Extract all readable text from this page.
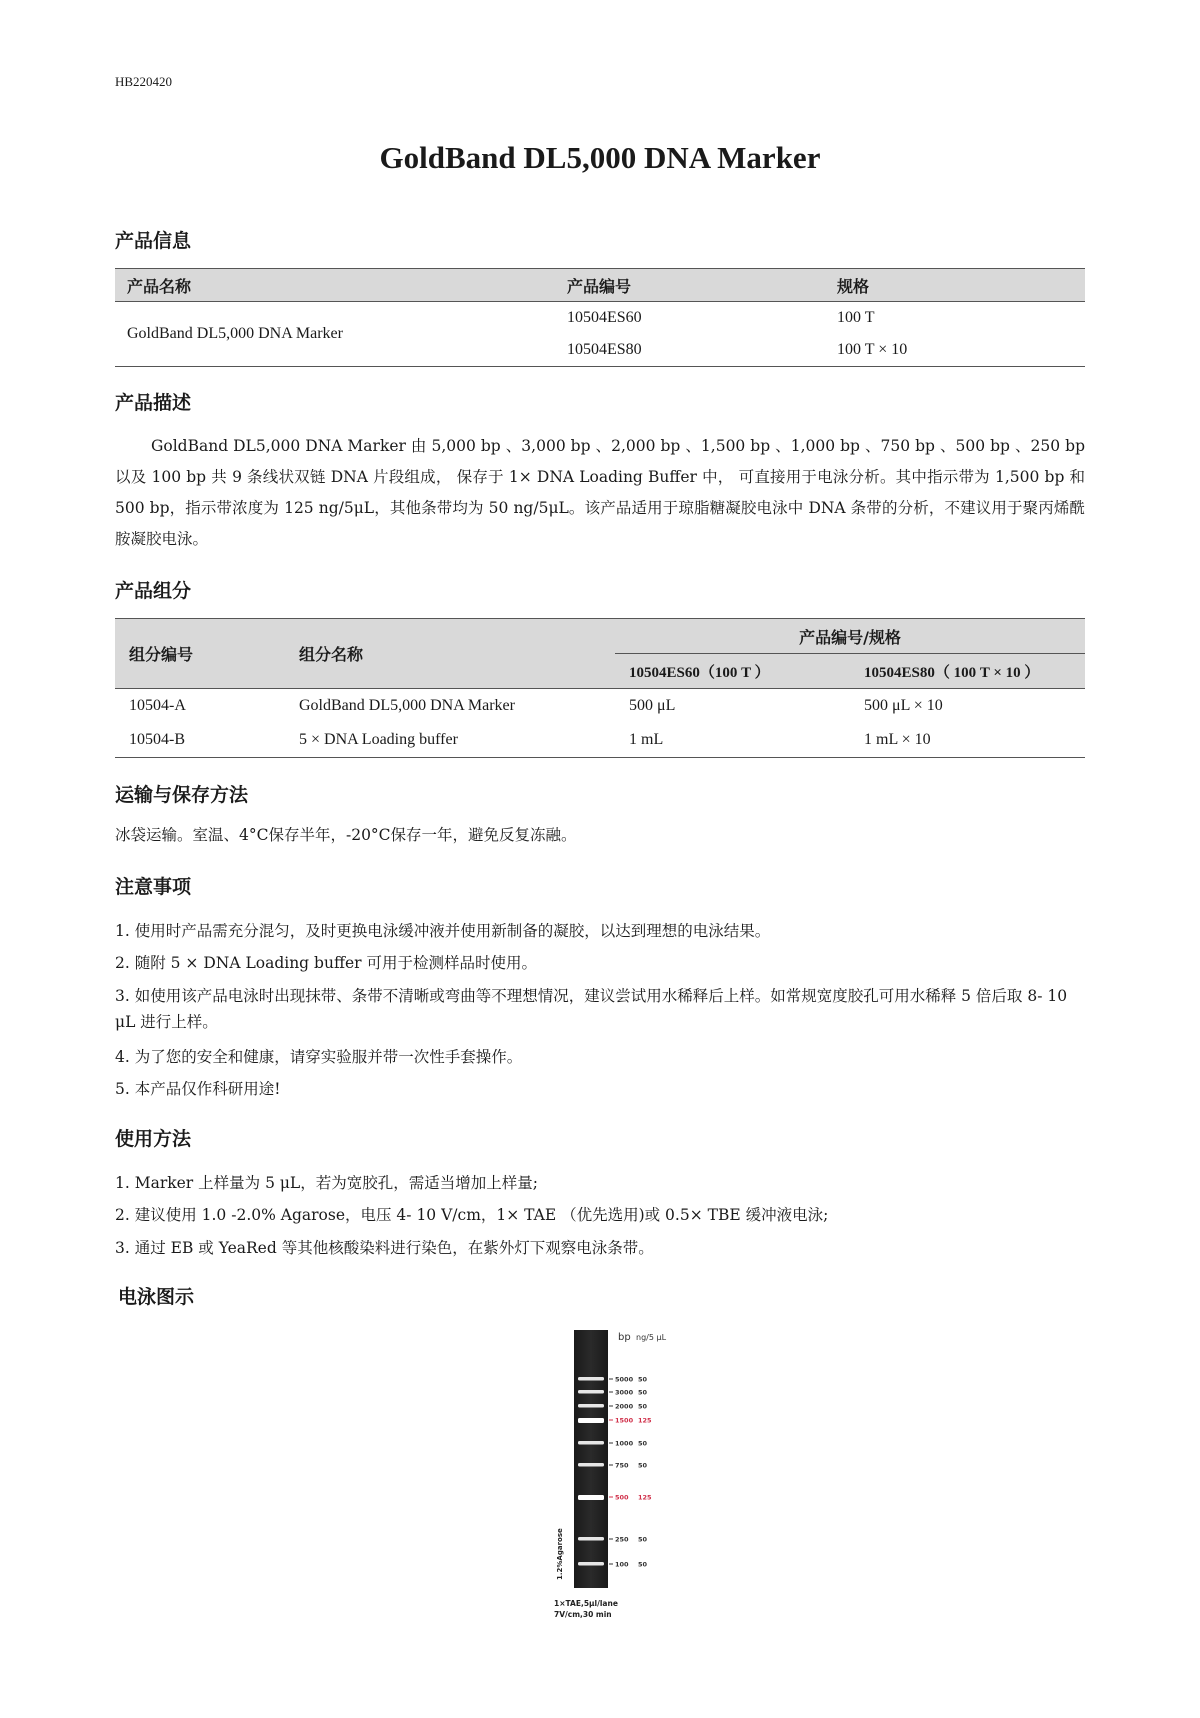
HB220420
GoldBand DL5,000 DNA Marker
产品信息
产品名称	产品编号	规格
GoldBand DL5,000 DNA Marker	10504ES60	100 T
	10504ES80	100 T × 10
产品描述
GoldBand DL5,000 DNA Marker 由 5,000 bp 、3,000 bp 、2,000 bp 、1,500 bp 、1,000 bp 、750 bp 、500 bp 、250 bp 以及 100 bp 共 9 条线状双链 DNA 片段组成， 保存于 1× DNA Loading Buffer 中， 可直接用于电泳分析。其中指示带为 1,500 bp 和 500 bp，指示带浓度为 125 ng/5μL，其他条带均为 50 ng/5μL。该产品适用于琼脂糖凝胶电泳中 DNA 条带的分析，不建议用于聚丙烯酰胺凝胶电泳。
产品组分
组分编号	组分名称	产品编号/规格	
		10504ES60（100 T ）	10504ES80（ 100 T × 10 ）
10504-A	GoldBand DL5,000 DNA Marker	500 μL	500 μL × 10
10504-B	5 × DNA Loading buffer	1 mL	1 mL × 10
运输与保存方法
冰袋运输。室温、4°C保存半年，-20°C保存一年，避免反复冻融。
注意事项
1. 使用时产品需充分混匀，及时更换电泳缓冲液并使用新制备的凝胶，以达到理想的电泳结果。
2. 随附 5 × DNA Loading buffer 可用于检测样品时使用。
3. 如使用该产品电泳时出现抹带、条带不清晰或弯曲等不理想情况，建议尝试用水稀释后上样。如常规宽度胶孔可用水稀释 5 倍后取 8- 10 μL 进行上样。
4. 为了您的安全和健康，请穿实验服并带一次性手套操作。
5. 本产品仅作科研用途!
使用方法
1. Marker 上样量为 5 μL，若为宽胶孔，需适当增加上样量;
2. 建议使用 1.0 -2.0% Agarose，电压 4- 10 V/cm，1× TAE （优先选用)或 0.5× TBE 缓冲液电泳;
3. 通过 EB 或 YeaRed 等其他核酸染料进行染色，在紫外灯下观察电泳条带。
电泳图示
bp ng/5 μL
5000 50
3000 50
2000 50
1500 125
1000 50
750 50
500 125
250 50
100 50
1.2%Agarose
1×TAE,5μl/lane
7V/cm,30 min
